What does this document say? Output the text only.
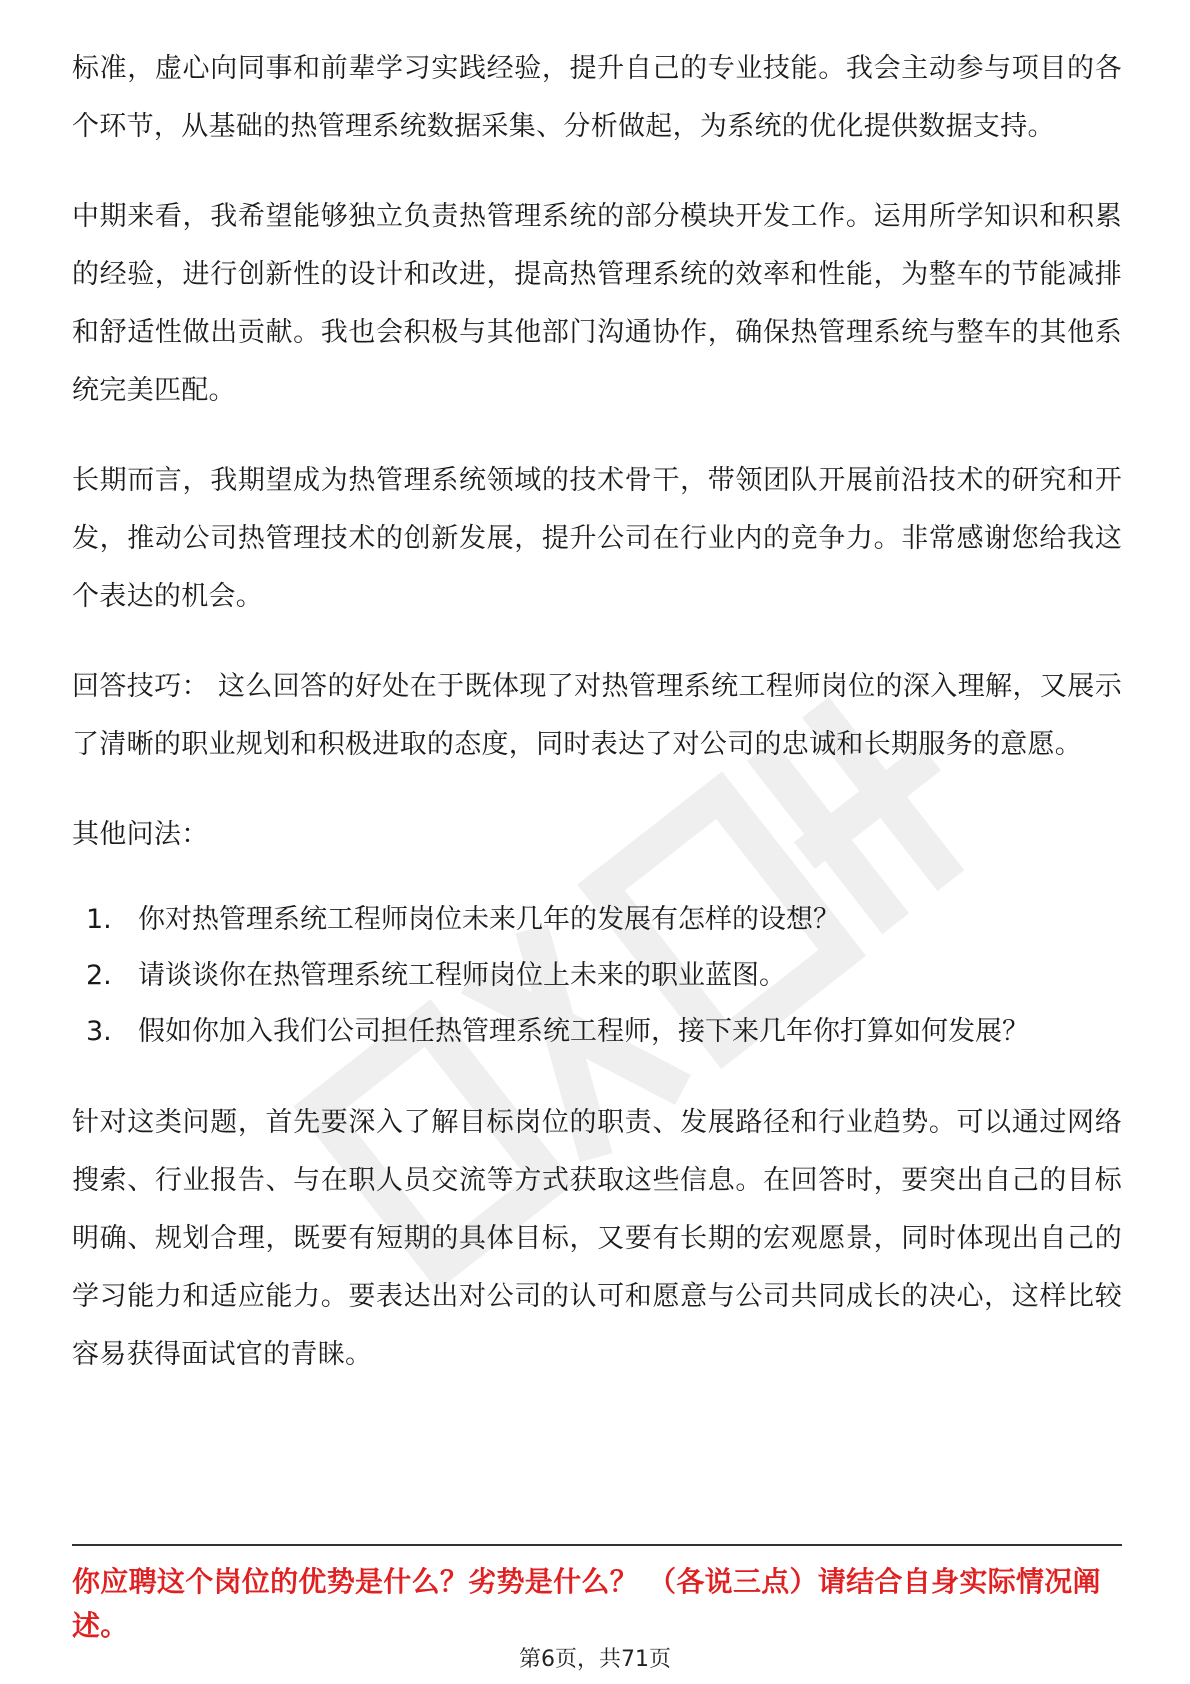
标准，虚心向同事和前辈学习实践经验，提升自己的专业技能。我会主动参与项目的各个环节，从基础的热管理系统数据采集、分析做起，为系统的优化提供数据支持。

中期来看，我希望能够独立负责热管理系统的部分模块开发工作。运用所学知识和积累的经验，进行创新性的设计和改进，提高热管理系统的效率和性能，为整车的节能减排和舒适性做出贡献。我也会积极与其他部门沟通协作，确保热管理系统与整车的其他系统完美匹配。

长期而言，我期望成为热管理系统领域的技术骨干，带领团队开展前沿技术的研究和开发，推动公司热管理技术的创新发展，提升公司在行业内的竞争力。非常感谢您给我这个表达的机会。

回答技巧： 这么回答的好处在于既体现了对热管理系统工程师岗位的深入理解，又展示了清晰的职业规划和积极进取的态度，同时表达了对公司的忠诚和长期服务的意愿。

其他问法：

1. 你对热管理系统工程师岗位未来几年的发展有怎样的设想？
2. 请谈谈你在热管理系统工程师岗位上未来的职业蓝图。
3. 假如你加入我们公司担任热管理系统工程师，接下来几年你打算如何发展？

针对这类问题，首先要深入了解目标岗位的职责、发展路径和行业趋势。可以通过网络搜索、行业报告、与在职人员交流等方式获取这些信息。在回答时，要突出自己的目标明确、规划合理，既要有短期的具体目标，又要有长期的宏观愿景，同时体现出自己的学习能力和适应能力。要表达出对公司的认可和愿意与公司共同成长的决心，这样比较容易获得面试官的青睐。

你应聘这个岗位的优势是什么？劣势是什么？ （各说三点）请结合自身实际情况阐述。
第6页，共71页
